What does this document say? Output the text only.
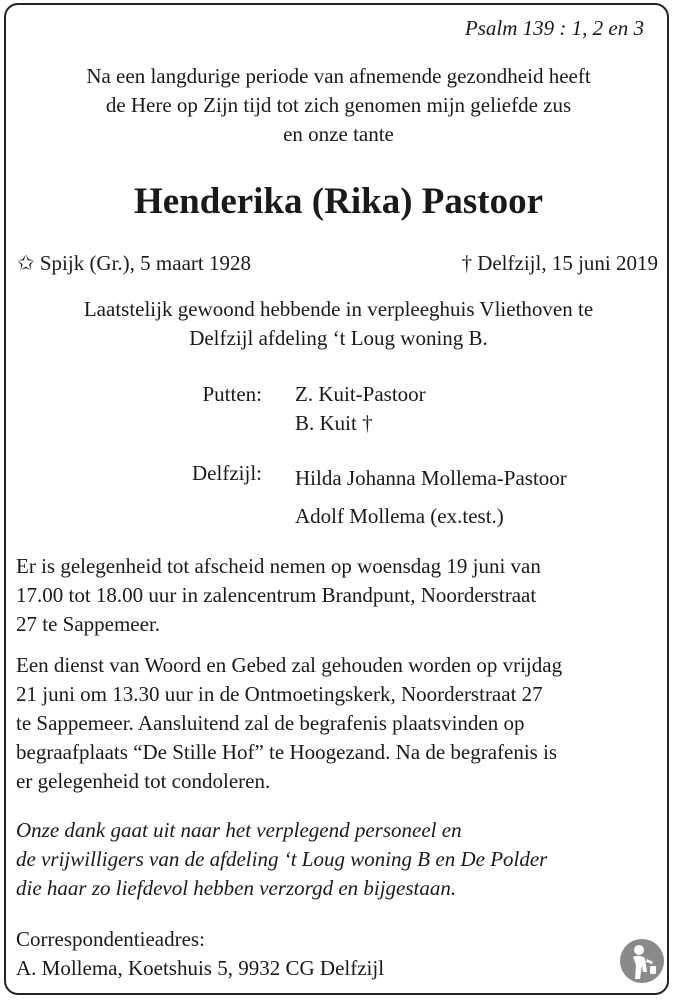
Psalm 139 : 1, 2 en 3

Na een langdurige periode van afnemende gezondheid heeft
de Here op Zijn tijd tot zich genomen mijn geliefde zus
en onze tante

Henderika (Rika) Pastoor

✩ Spijk (Gr.), 5 maart 1928	† Delfzijl, 15 juni 2019

Laatstelijk gewoond hebbende in verpleeghuis Vliethoven te
Delfzijl afdeling ‘t Loug woning B.

Putten: Z. Kuit-Pastoor
B. Kuit †

Delfzijl: Hilda Johanna Mollema-Pastoor
Adolf Mollema (ex.test.)
Er is gelegenheid tot afscheid nemen op woensdag 19 juni van
17.00 tot 18.00 uur in zalencentrum Brandpunt, Noorderstraat
27 te Sappemeer.
Een dienst van Woord en Gebed zal gehouden worden op vrijdag
21 juni om 13.30 uur in de Ontmoetingskerk, Noorderstraat 27
te Sappemeer. Aansluitend zal de begrafenis plaatsvinden op
begraafplaats “De Stille Hof” te Hoogezand. Na de begrafenis is
er gelegenheid tot condoleren.
Onze dank gaat uit naar het verplegend personeel en
de vrijwilligers van de afdeling ‘t Loug woning B en De Polder
die haar zo liefdevol hebben verzorgd en bijgestaan.
Correspondentieadres:
A. Mollema, Koetshuis 5, 9932 CG Delfzijl
